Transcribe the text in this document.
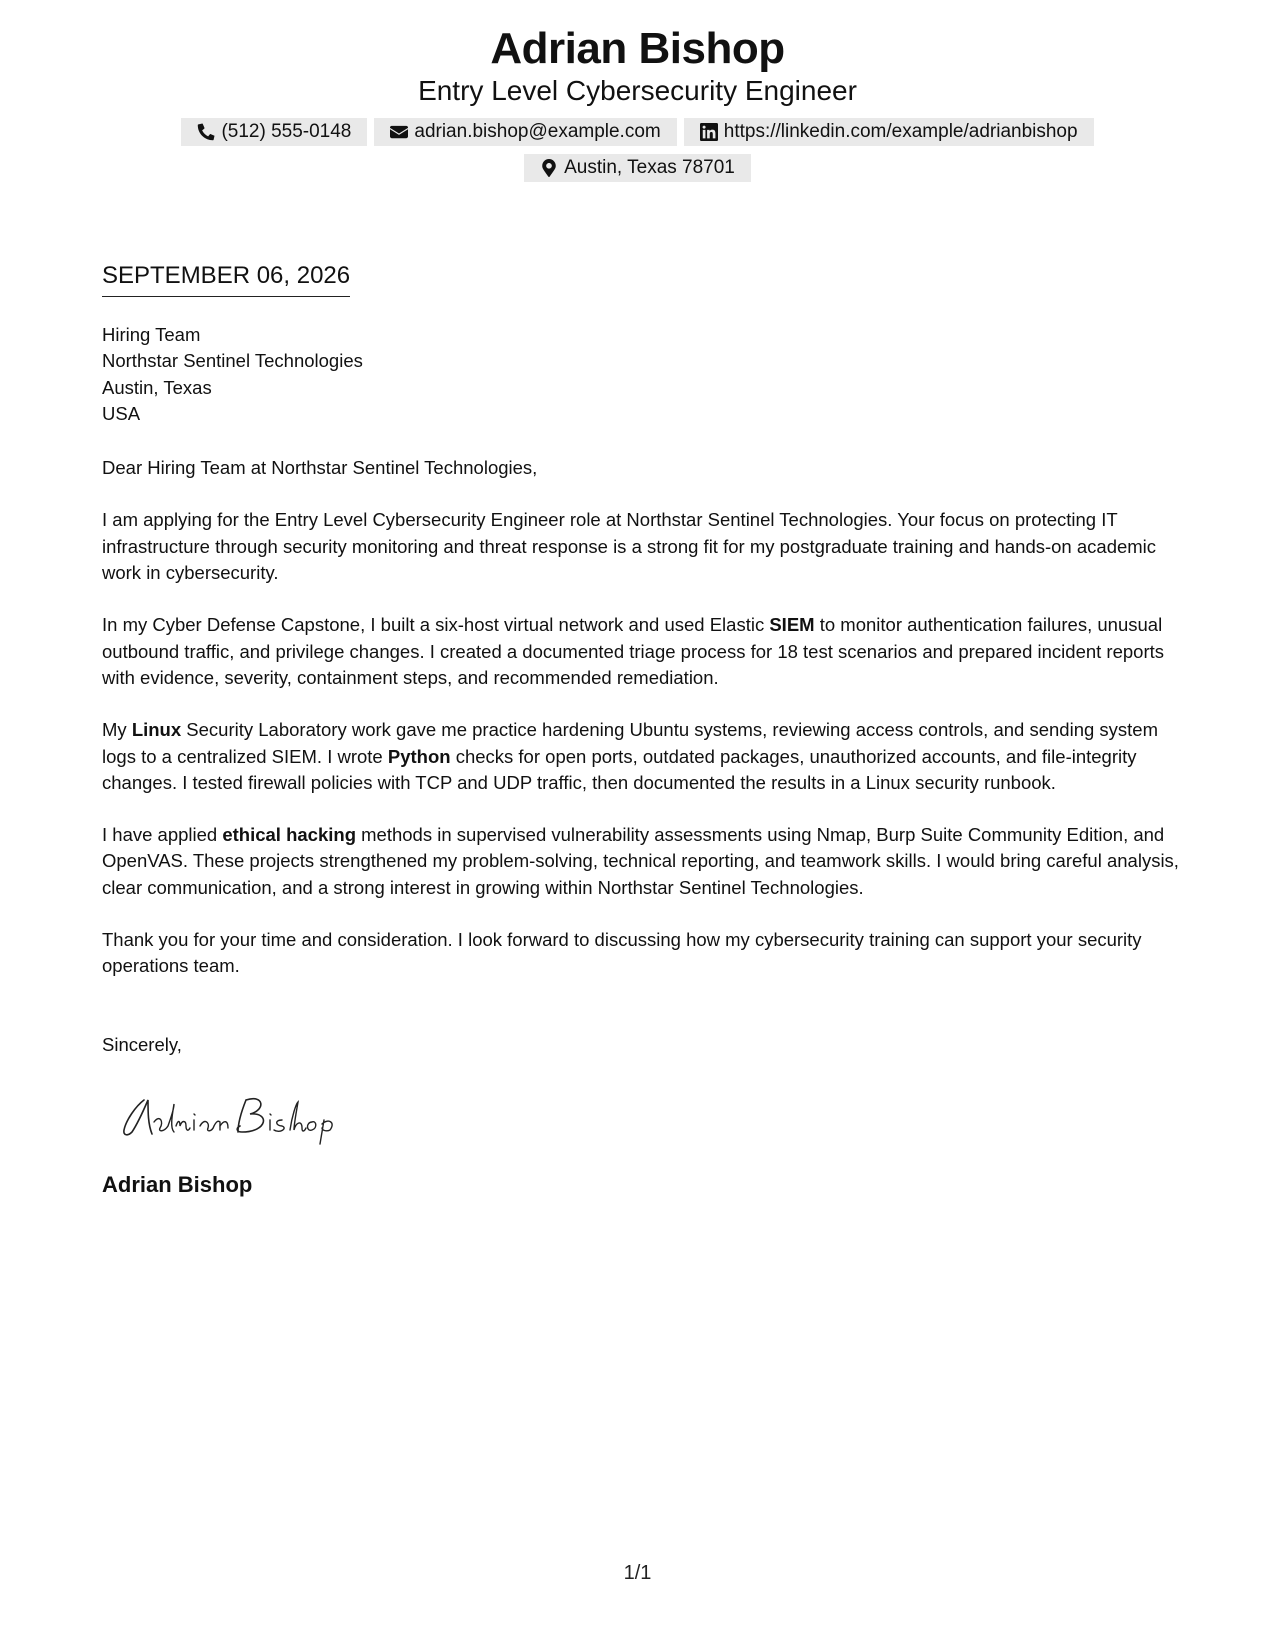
Adrian Bishop
Entry Level Cybersecurity Engineer
(512) 555-0148	adrian.bishop@example.com	https://linkedin.com/example/adrianbishop
Austin, Texas 78701
SEPTEMBER 06, 2026
Hiring Team
Northstar Sentinel Technologies
Austin, Texas
USA
Dear Hiring Team at Northstar Sentinel Technologies,
I am applying for the Entry Level Cybersecurity Engineer role at Northstar Sentinel Technologies. Your focus on protecting IT infrastructure through security monitoring and threat response is a strong fit for my postgraduate training and hands-on academic work in cybersecurity.
In my Cyber Defense Capstone, I built a six-host virtual network and used Elastic SIEM to monitor authentication failures, unusual outbound traffic, and privilege changes. I created a documented triage process for 18 test scenarios and prepared incident reports with evidence, severity, containment steps, and recommended remediation.
My Linux Security Laboratory work gave me practice hardening Ubuntu systems, reviewing access controls, and sending system logs to a centralized SIEM. I wrote Python checks for open ports, outdated packages, unauthorized accounts, and file-integrity changes. I tested firewall policies with TCP and UDP traffic, then documented the results in a Linux security runbook.
I have applied ethical hacking methods in supervised vulnerability assessments using Nmap, Burp Suite Community Edition, and OpenVAS. These projects strengthened my problem-solving, technical reporting, and teamwork skills. I would bring careful analysis, clear communication, and a strong interest in growing within Northstar Sentinel Technologies.
Thank you for your time and consideration. I look forward to discussing how my cybersecurity training can support your security operations team.
Sincerely,
Adrian Bishop
1/1
